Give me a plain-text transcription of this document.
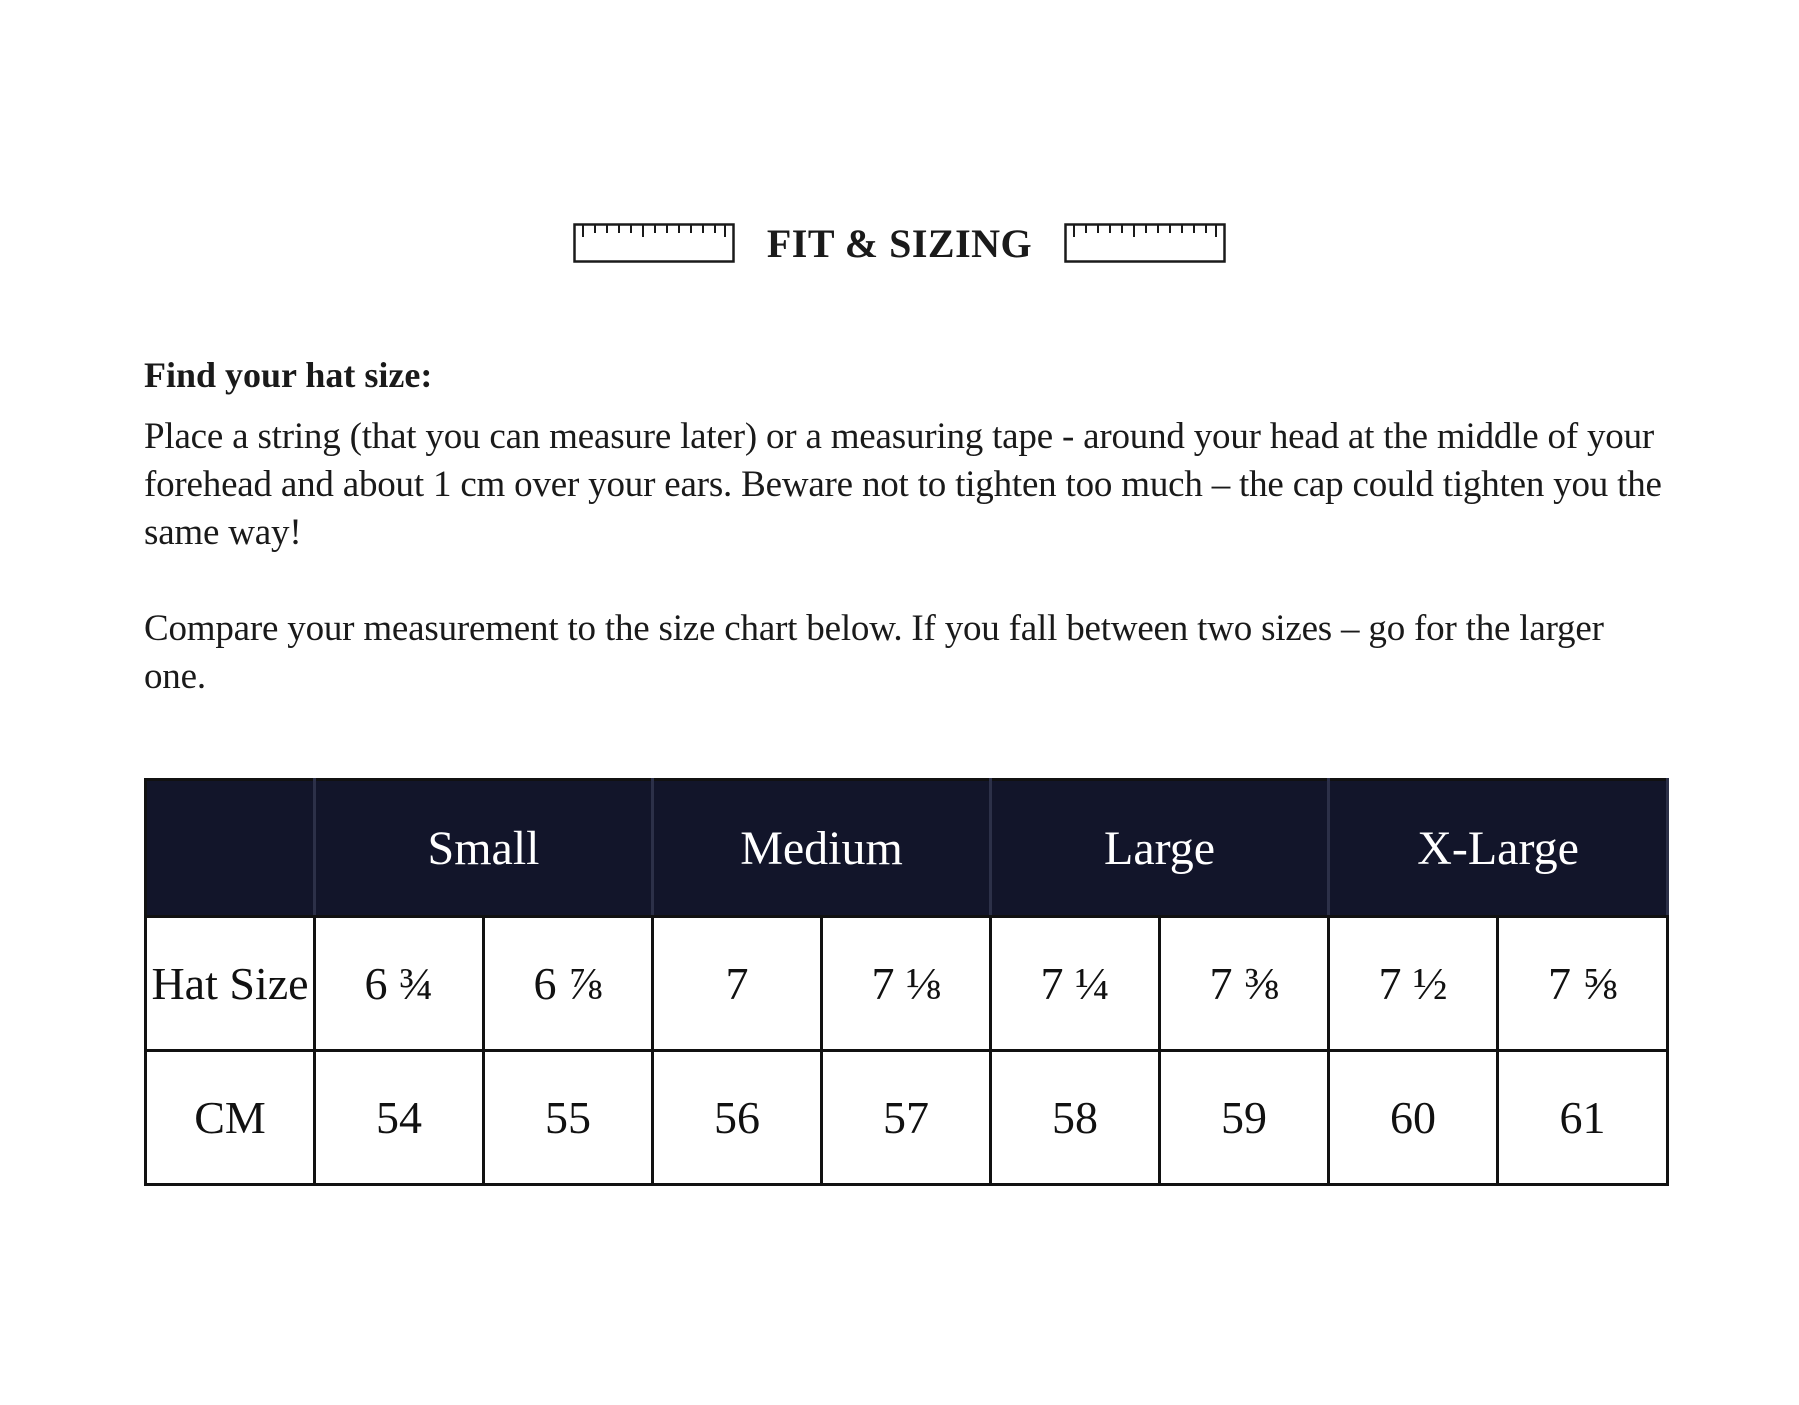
FIT & SIZING

Find your hat size:

Place a string (that you can measure later) or a measuring tape - around your head at the middle of your forehead and about 1 cm over your ears. Beware not to tighten too much – the cap could tighten you the same way!

Compare your measurement to the size chart below. If you fall between two sizes – go for the larger one.

	Small		Medium		Large		X-Large	
Hat Size	6 ¾	6 ⅞	7	7 ⅛	7 ¼	7 ⅜	7 ½	7 ⅝
CM	54	55	56	57	58	59	60	61
